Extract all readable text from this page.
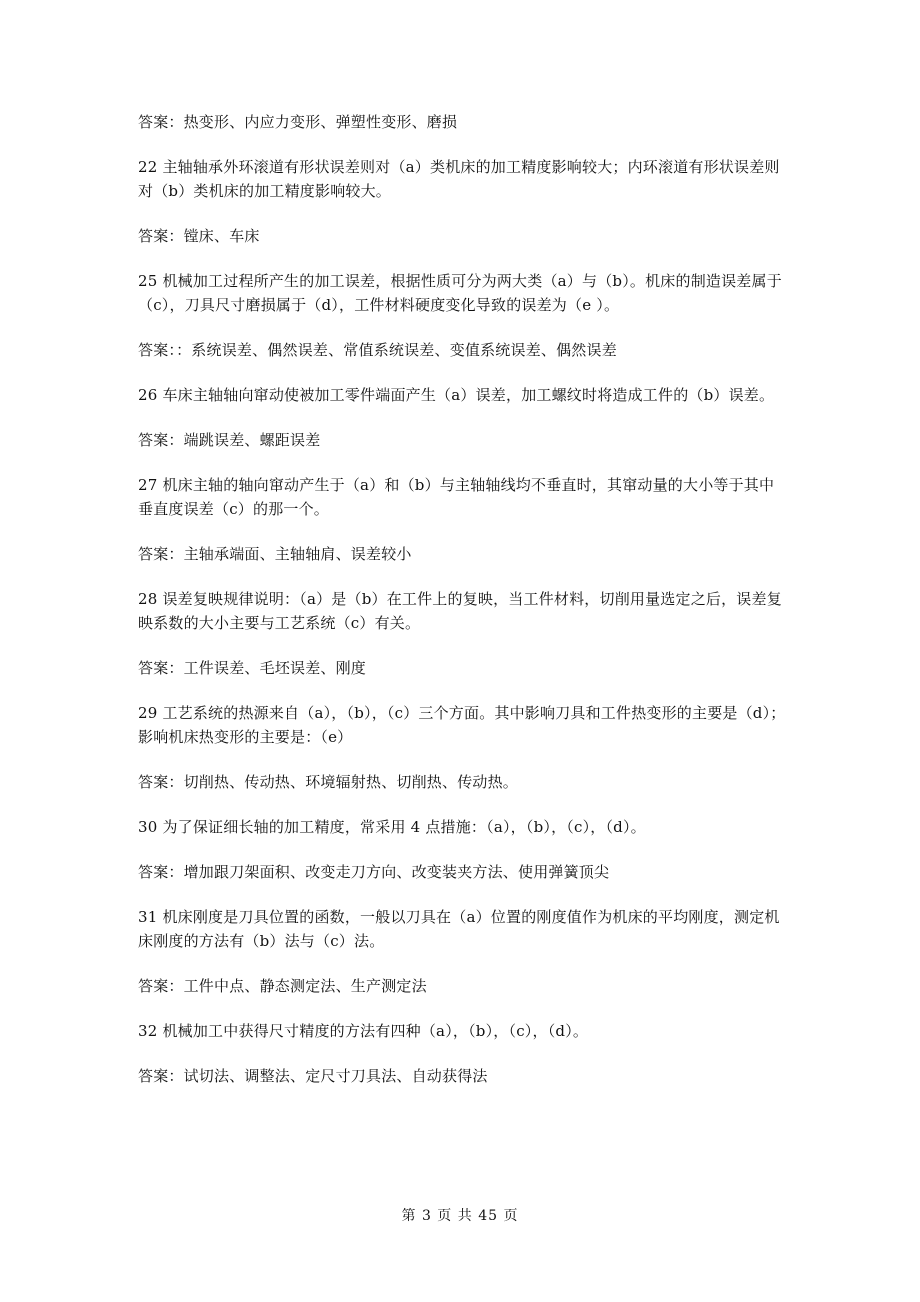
答案：热变形、内应力变形、弹塑性变形、磨损

22 主轴轴承外环滚道有形状误差则对（a）类机床的加工精度影响较大；内环滚道有形状误差则对（b）类机床的加工精度影响较大。

答案：镗床、车床

25 机械加工过程所产生的加工误差，根据性质可分为两大类（a）与（b）。机床的制造误差属于（c），刀具尺寸磨损属于（d），工件材料硬度变化导致的误差为（e ）。

答案：：系统误差、偶然误差、常值系统误差、变值系统误差、偶然误差

26 车床主轴轴向窜动使被加工零件端面产生（a）误差，加工螺纹时将造成工件的（b）误差。

答案：端跳误差、螺距误差

27 机床主轴的轴向窜动产生于（a）和（b）与主轴轴线均不垂直时，其窜动量的大小等于其中垂直度误差（c）的那一个。

答案：主轴承端面、主轴轴肩、误差较小

28 误差复映规律说明：（a）是（b）在工件上的复映，当工件材料，切削用量选定之后，误差复映系数的大小主要与工艺系统（c）有关。

答案：工件误差、毛坯误差、刚度

29 工艺系统的热源来自（a），（b），（c）三个方面。其中影响刀具和工件热变形的主要是（d）；影响机床热变形的主要是：（e）

答案：切削热、传动热、环境辐射热、切削热、传动热。

30 为了保证细长轴的加工精度，常采用 4 点措施：（a），（b），（c），（d）。

答案：增加跟刀架面积、改变走刀方向、改变装夹方法、使用弹簧顶尖

31 机床刚度是刀具位置的函数，一般以刀具在（a）位置的刚度值作为机床的平均刚度，测定机床刚度的方法有（b）法与（c）法。

答案：工件中点、静态测定法、生产测定法

32 机械加工中获得尺寸精度的方法有四种（a），（b），（c），（d）。

答案：试切法、调整法、定尺寸刀具法、自动获得法

第 3 页 共 45 页
